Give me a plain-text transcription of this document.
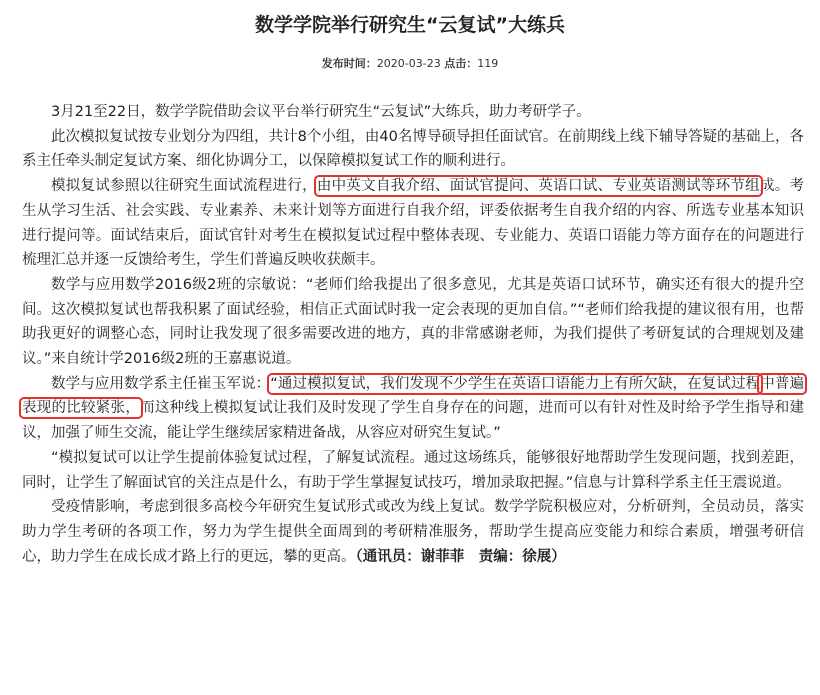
数学学院举行研究生“云复试”大练兵
发布时间：2020-03-23 点击：119

3月21至22日，数学学院借助会议平台举行研究生“云复试”大练兵，助力考研学子。

此次模拟复试按专业划分为四组，共计8个小组，由40名博导硕导担任面试官。在前期线上线下辅导答疑的基础上，各系主任牵头制定复试方案、细化协调分工，以保障模拟复试工作的顺利进行。

模拟复试参照以往研究生面试流程进行，由中英文自我介绍、面试官提问、英语口试、专业英语测试等环节组成。考生从学习生活、社会实践、专业素养、未来计划等方面进行自我介绍，评委依据考生自我介绍的内容、所选专业基本知识进行提问等。面试结束后，面试官针对考生在模拟复试过程中整体表现、专业能力、英语口语能力等方面存在的问题进行梳理汇总并逐一反馈给考生，学生们普遍反映收获颇丰。

数学与应用数学2016级2班的宗敏说：“老师们给我提出了很多意见，尤其是英语口试环节，确实还有很大的提升空间。这次模拟复试也帮我积累了面试经验，相信正式面试时我一定会表现的更加自信。”“老师们给我提的建议很有用，也帮助我更好的调整心态，同时让我发现了很多需要改进的地方，真的非常感谢老师，为我们提供了考研复试的合理规划及建议。”来自统计学2016级2班的王嘉惠说道。

数学与应用数学系主任崔玉军说：“通过模拟复试，我们发现不少学生在英语口语能力上有所欠缺，在复试过程中普遍表现的比较紧张，而这种线上模拟复试让我们及时发现了学生自身存在的问题，进而可以有针对性及时给予学生指导和建议，加强了师生交流，能让学生继续居家精进备战，从容应对研究生复试。”

“模拟复试可以让学生提前体验复试过程，了解复试流程。通过这场练兵，能够很好地帮助学生发现问题，找到差距，同时，让学生了解面试官的关注点是什么，有助于学生掌握复试技巧，增加录取把握。”信息与计算科学系主任王震说道。

受疫情影响，考虑到很多高校今年研究生复试形式或改为线上复试。数学学院积极应对，分析研判，全员动员，落实助力学生考研的各项工作，努力为学生提供全面周到的考研精准服务，帮助学生提高应变能力和综合素质，增强考研信心，助力学生在成长成才路上行的更远，攀的更高。（通讯员：谢菲菲　责编：徐展）
